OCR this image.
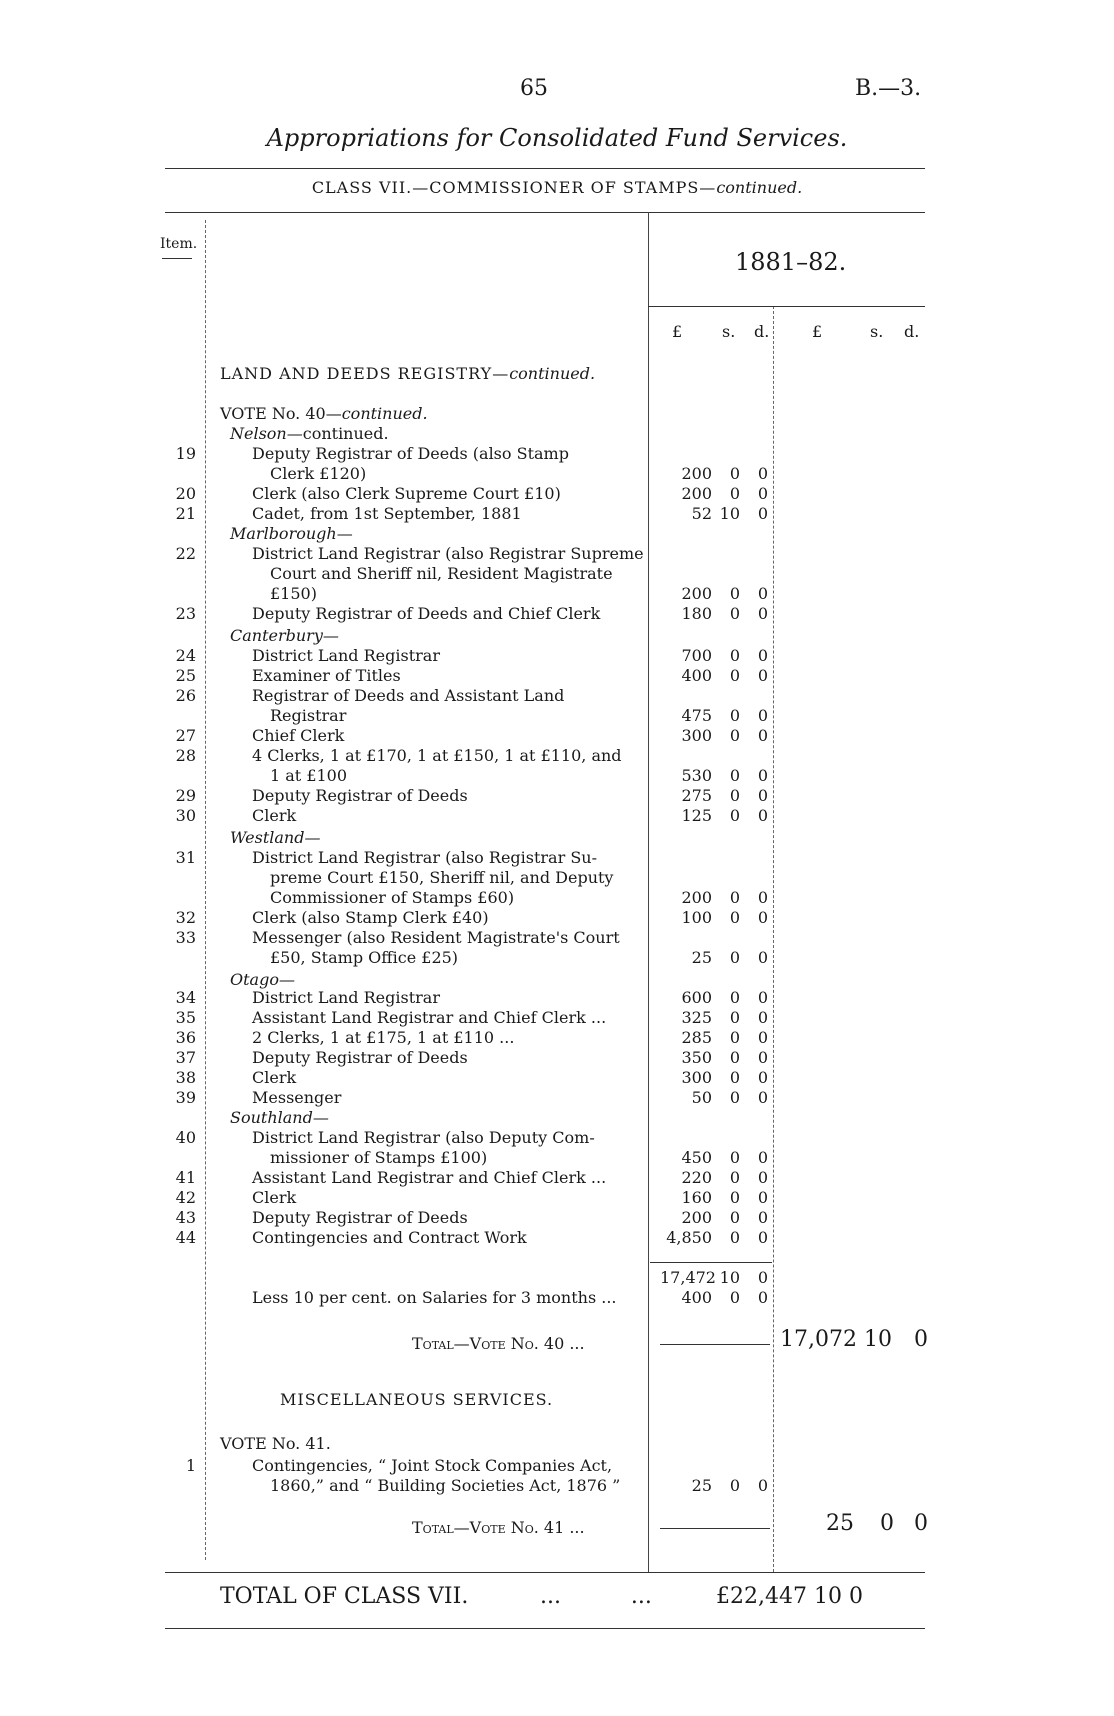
65	B.—3.
Appropriations for Consolidated Fund Services.
CLASS VII.—COMMISSIONER OF STAMPS—continued.
Item.
1881–82.
£ s. d.	£	s. d.
LAND AND DEEDS REGISTRY—continued.
VOTE No. 40—continued.
Nelson—continued.
19	Deputy Registrar of Deeds (also Stamp
Clerk £120)	200	0	0
20	Clerk (also Clerk Supreme Court £10)	200	0	0
21	Cadet, from 1st September, 1881	52 10	0
22	District Land Registrar (also Registrar Supreme
Court and Sheriff nil, Resident Magistrate
£150)	200	0	0
23	Deputy Registrar of Deeds and Chief Clerk	180	0	0
24	District Land Registrar	700	0	0
25	Examiner of Titles	400	0	0
26	Registrar of Deeds and Assistant Land
Registrar	475	0	0
27	Chief Clerk	300	0	0
28	4 Clerks, 1 at £170, 1 at £150, 1 at £110, and
1 at £100	530	0	0
29	Deputy Registrar of Deeds	275	0	0
30	Clerk	125	0	0
31	District Land Registrar (also Registrar Su-
preme Court £150, Sheriff nil, and Deputy
Commissioner of Stamps £60)	200	0	0
32	Clerk (also Stamp Clerk £40)	100	0	0
33	Messenger (also Resident Magistrate's Court
£50, Stamp Office £25)	25	0	0
34	District Land Registrar	600	0	0
35	Assistant Land Registrar and Chief Clerk ...	325	0	0
36	2 Clerks, 1 at £175, 1 at £110 ...	285	0	0
37	Deputy Registrar of Deeds	350	0	0
38	Clerk	300	0	0
39	Messenger	50	0	0
40	District Land Registrar (also Deputy Com-
missioner of Stamps £100)	450	0	0
41	Assistant Land Registrar and Chief Clerk ...	220	0	0
42	Clerk	160	0	0
43	Deputy Registrar of Deeds	200	0	0
44	Contingencies and Contract Work	4,850	0	0
Marlborough—
Canterbury—
Westland—
Otago—
Southland—
17,472 10	0
Less 10 per cent. on Salaries for 3 months ...	400	0	0
Total—Vote No. 40 ...	17,072 10 0
MISCELLANEOUS SERVICES.
VOTE No. 41.
1	Contingencies, “ Joint Stock Companies Act,
1860,” and “ Building Societies Act, 1876 ”	25	0	0
Total—Vote No. 41 ...	25 0 0
TOTAL OF CLASS VII.	...          ...	£22,447 10 0
